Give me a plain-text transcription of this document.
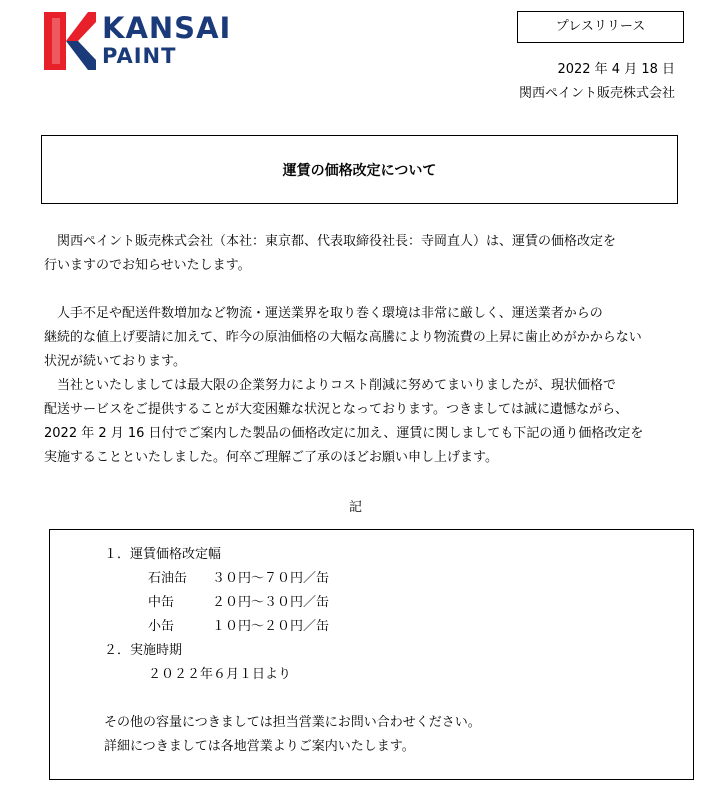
KANSAI
PAINT
プレスリリース
2022 年 4 月 18 日
関西ペイント販売株式会社
運賃の価格改定について
　関西ペイント販売株式会社（本社：東京都、代表取締役社長：寺岡直人）は、運賃の価格改定を
行いますのでお知らせいたします。
　人手不足や配送件数増加など物流・運送業界を取り巻く環境は非常に厳しく、運送業者からの
継続的な値上げ要請に加えて、昨今の原油価格の大幅な高騰により物流費の上昇に歯止めがかからない
状況が続いております。
　当社といたしましては最大限の企業努力によりコスト削減に努めてまいりましたが、現状価格で
配送サービスをご提供することが大変困難な状況となっております。つきましては誠に遺憾ながら、
2022 年 2 月 16 日付でご案内した製品の価格改定に加え、運賃に関しましても下記の通り価格改定を
実施することといたしました。何卒ご理解ご了承のほどお願い申し上げます。
記
１．運賃価格改定幅
石油缶 ３０円～７０円／缶
中缶	２０円～３０円／缶
小缶	１０円～２０円／缶
２．実施時期
２０２２年６月１日より
その他の容量につきましては担当営業にお問い合わせください。
詳細につきましては各地営業よりご案内いたします。
